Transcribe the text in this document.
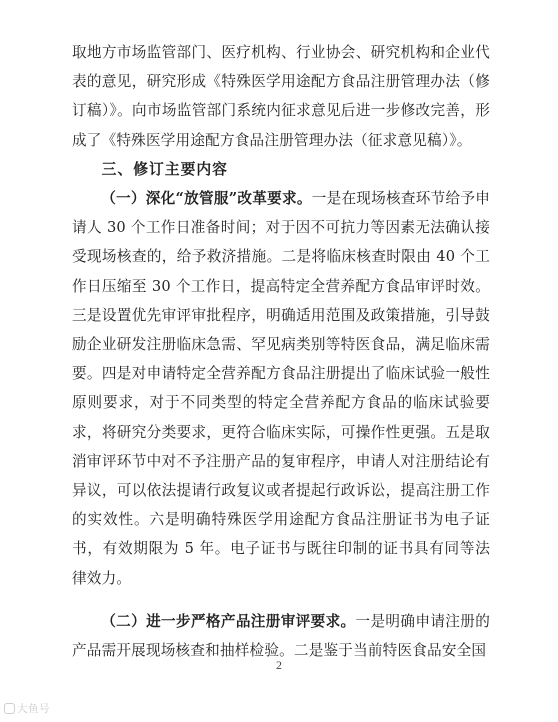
取地方市场监管部门、医疗机构、行业协会、研究机构和企业代表的意见，研究形成《特殊医学用途配方食品注册管理办法（修订稿）》。向市场监管部门系统内征求意见后进一步修改完善，形成了《特殊医学用途配方食品注册管理办法（征求意见稿）》。

三、修订主要内容

（一）深化“放管服”改革要求。一是在现场核查环节给予申请人 30 个工作日准备时间；对于因不可抗力等因素无法确认接受现场核查的，给予救济措施。二是将临床核查时限由 40 个工作日压缩至 30 个工作日，提高特定全营养配方食品审评时效。三是设置优先审评审批程序，明确适用范围及政策措施，引导鼓励企业研发注册临床急需、罕见病类别等特医食品，满足临床需要。四是对申请特定全营养配方食品注册提出了临床试验一般性原则要求，对于不同类型的特定全营养配方食品的临床试验要求，将研究分类要求，更符合临床实际，可操作性更强。五是取消审评环节中对不予注册产品的复审程序，申请人对注册结论有异议，可以依法提请行政复议或者提起行政诉讼，提高注册工作的实效性。六是明确特殊医学用途配方食品注册证书为电子证书，有效期限为 5 年。电子证书与既往印制的证书具有同等法律效力。

（二）进一步严格产品注册审评要求。一是明确申请注册的产品需开展现场核查和抽样检验。二是鉴于当前特医食品安全国

2
大鱼号
